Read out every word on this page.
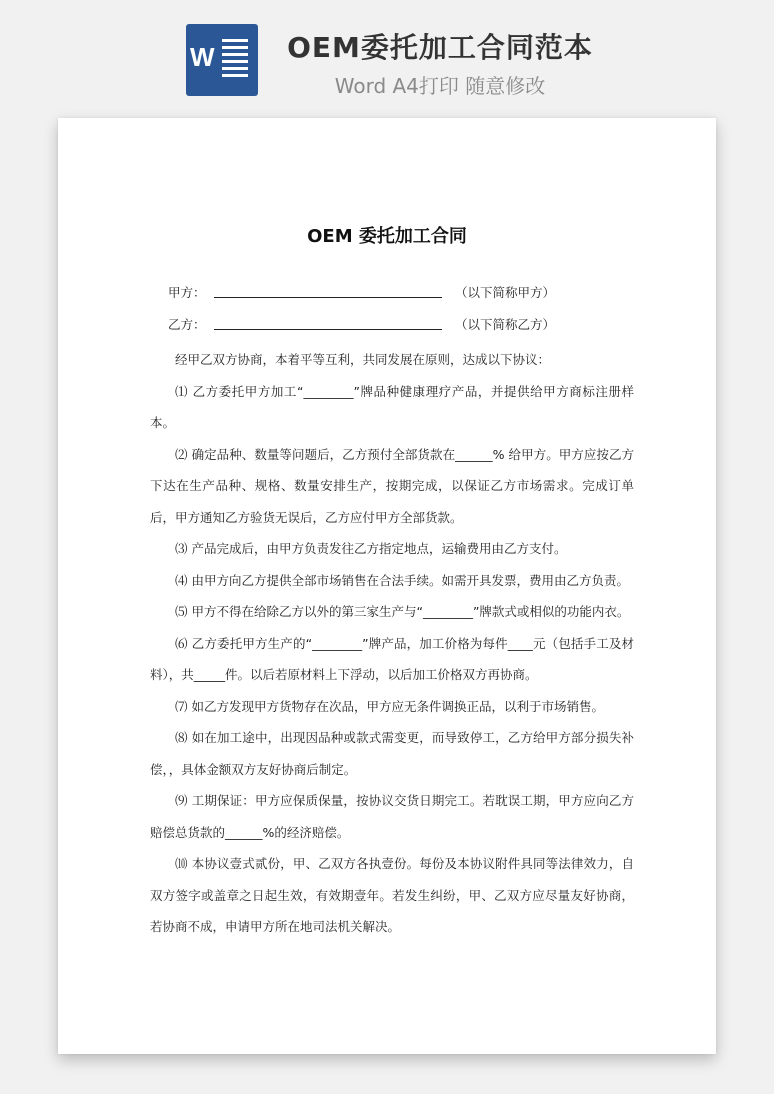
W	OEM委托加工合同范本
Word A4打印 随意修改
OEM 委托加工合同
甲方：	（以下简称甲方）
乙方：	（以下简称乙方）

经甲乙双方协商，本着平等互利，共同发展在原则，达成以下协议：

⑴ 乙方委托甲方加工“________”牌品种健康理疗产品，并提供给甲方商标注册样本。

⑵ 确定品种、数量等问题后，乙方预付全部货款在______% 给甲方。甲方应按乙方下达在生产品种、规格、数量安排生产，按期完成，以保证乙方市场需求。完成订单后，甲方通知乙方验货无误后，乙方应付甲方全部货款。

⑶ 产品完成后，由甲方负责发往乙方指定地点，运输费用由乙方支付。

⑷ 由甲方向乙方提供全部市场销售在合法手续。如需开具发票，费用由乙方负责。

⑸ 甲方不得在给除乙方以外的第三家生产与“________”牌款式或相似的功能内衣。

⑹ 乙方委托甲方生产的“________”牌产品，加工价格为每件____元（包括手工及材料），共_____件。以后若原材料上下浮动，以后加工价格双方再协商。

⑺ 如乙方发现甲方货物存在次品，甲方应无条件调换正品，以利于市场销售。

⑻ 如在加工途中，出现因品种或款式需变更，而导致停工，乙方给甲方部分损失补偿，，具体金额双方友好协商后制定。

⑼ 工期保证：甲方应保质保量，按协议交货日期完工。若耽误工期，甲方应向乙方赔偿总货款的______%的经济赔偿。

⑽ 本协议壹式贰份，甲、乙双方各执壹份。每份及本协议附件具同等法律效力，自双方签字或盖章之日起生效，有效期壹年。若发生纠纷，甲、乙双方应尽量友好协商，若协商不成，申请甲方所在地司法机关解决。
